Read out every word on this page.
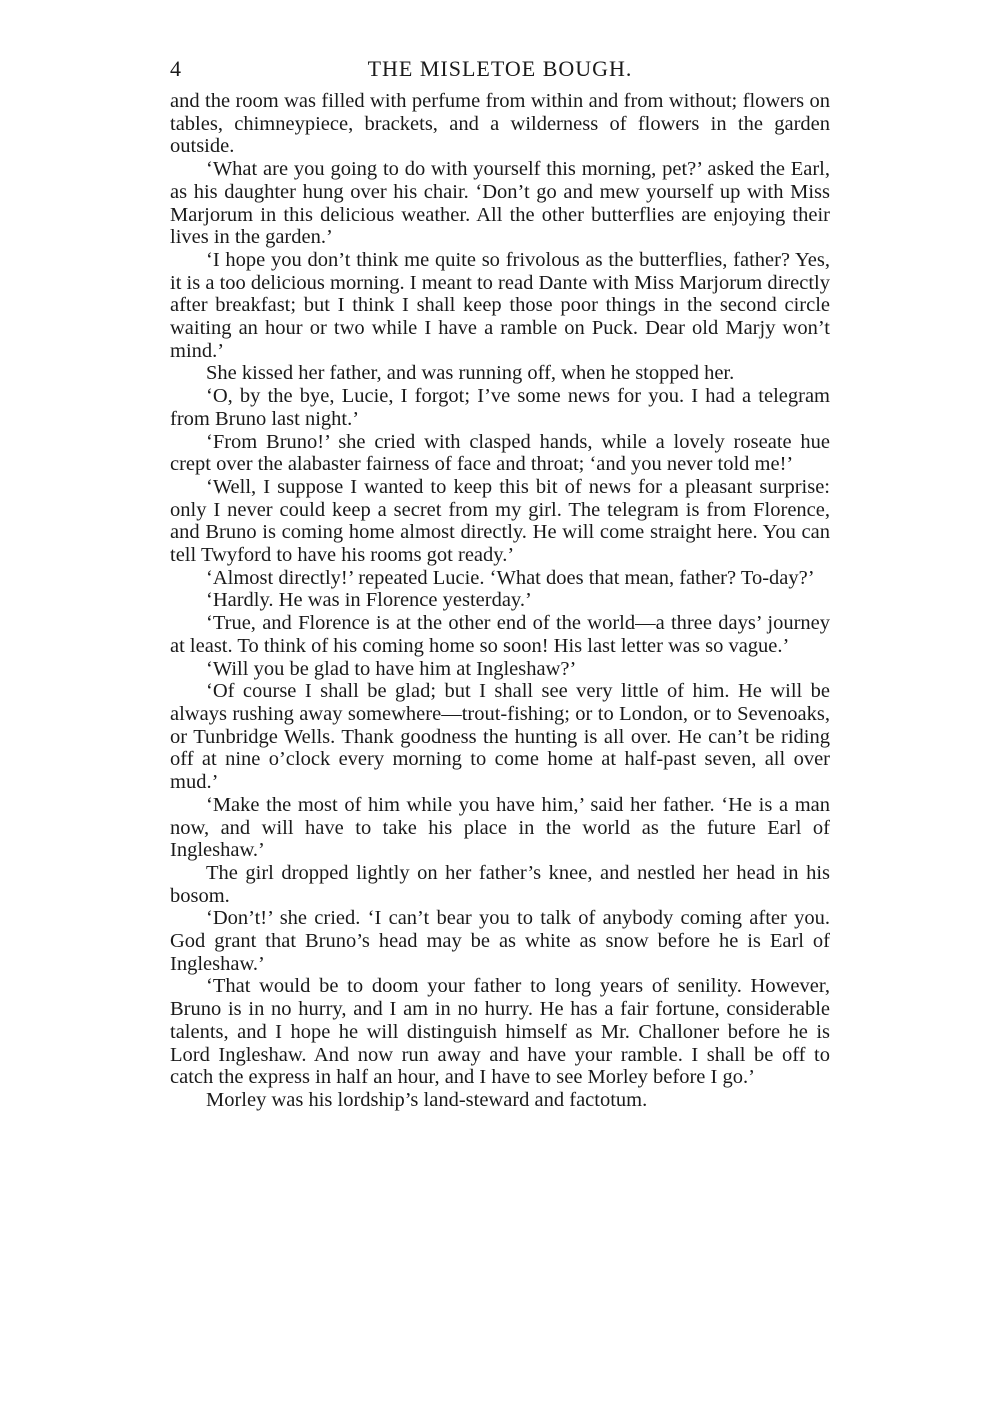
4	THE MISLETOE BOUGH.

and the room was filled with perfume from within and from without; flowers on tables, chimneypiece, brackets, and a wilderness of flowers in the garden outside.

‘What are you going to do with yourself this morning, pet?’ asked the Earl, as his daughter hung over his chair. ‘Don’t go and mew yourself up with Miss Marjorum in this delicious weather. All the other butterflies are enjoying their lives in the garden.’

‘I hope you don’t think me quite so frivolous as the butterflies, father? Yes, it is a too delicious morning. I meant to read Dante with Miss Marjorum directly after breakfast; but I think I shall keep those poor things in the second circle waiting an hour or two while I have a ramble on Puck. Dear old Marjy won’t mind.’

She kissed her father, and was running off, when he stopped her.

‘O, by the bye, Lucie, I forgot; I’ve some news for you. I had a telegram from Bruno last night.’

‘From Bruno!’ she cried with clasped hands, while a lovely roseate hue crept over the alabaster fairness of face and throat; ‘and you never told me!’

‘Well, I suppose I wanted to keep this bit of news for a pleasant surprise: only I never could keep a secret from my girl. The telegram is from Florence, and Bruno is coming home almost directly. He will come straight here. You can tell Twyford to have his rooms got ready.’

‘Almost directly!’ repeated Lucie. ‘What does that mean, father? To-day?’

‘Hardly. He was in Florence yesterday.’

‘True, and Florence is at the other end of the world—a three days’ journey at least. To think of his coming home so soon! His last letter was so vague.’

‘Will you be glad to have him at Ingleshaw?’

‘Of course I shall be glad; but I shall see very little of him. He will be always rushing away somewhere—trout-fishing; or to London, or to Sevenoaks, or Tunbridge Wells. Thank goodness the hunting is all over. He can’t be riding off at nine o’clock every morning to come home at half-past seven, all over mud.’

‘Make the most of him while you have him,’ said her father. ‘He is a man now, and will have to take his place in the world as the future Earl of Ingleshaw.’

The girl dropped lightly on her father’s knee, and nestled her head in his bosom.

‘Don’t!’ she cried. ‘I can’t bear you to talk of anybody coming after you. God grant that Bruno’s head may be as white as snow before he is Earl of Ingleshaw.’

‘That would be to doom your father to long years of senility. However, Bruno is in no hurry, and I am in no hurry. He has a fair fortune, considerable talents, and I hope he will distinguish himself as Mr. Challoner before he is Lord Ingleshaw. And now run away and have your ramble. I shall be off to catch the express in half an hour, and I have to see Morley before I go.’

Morley was his lordship’s land-steward and factotum.
